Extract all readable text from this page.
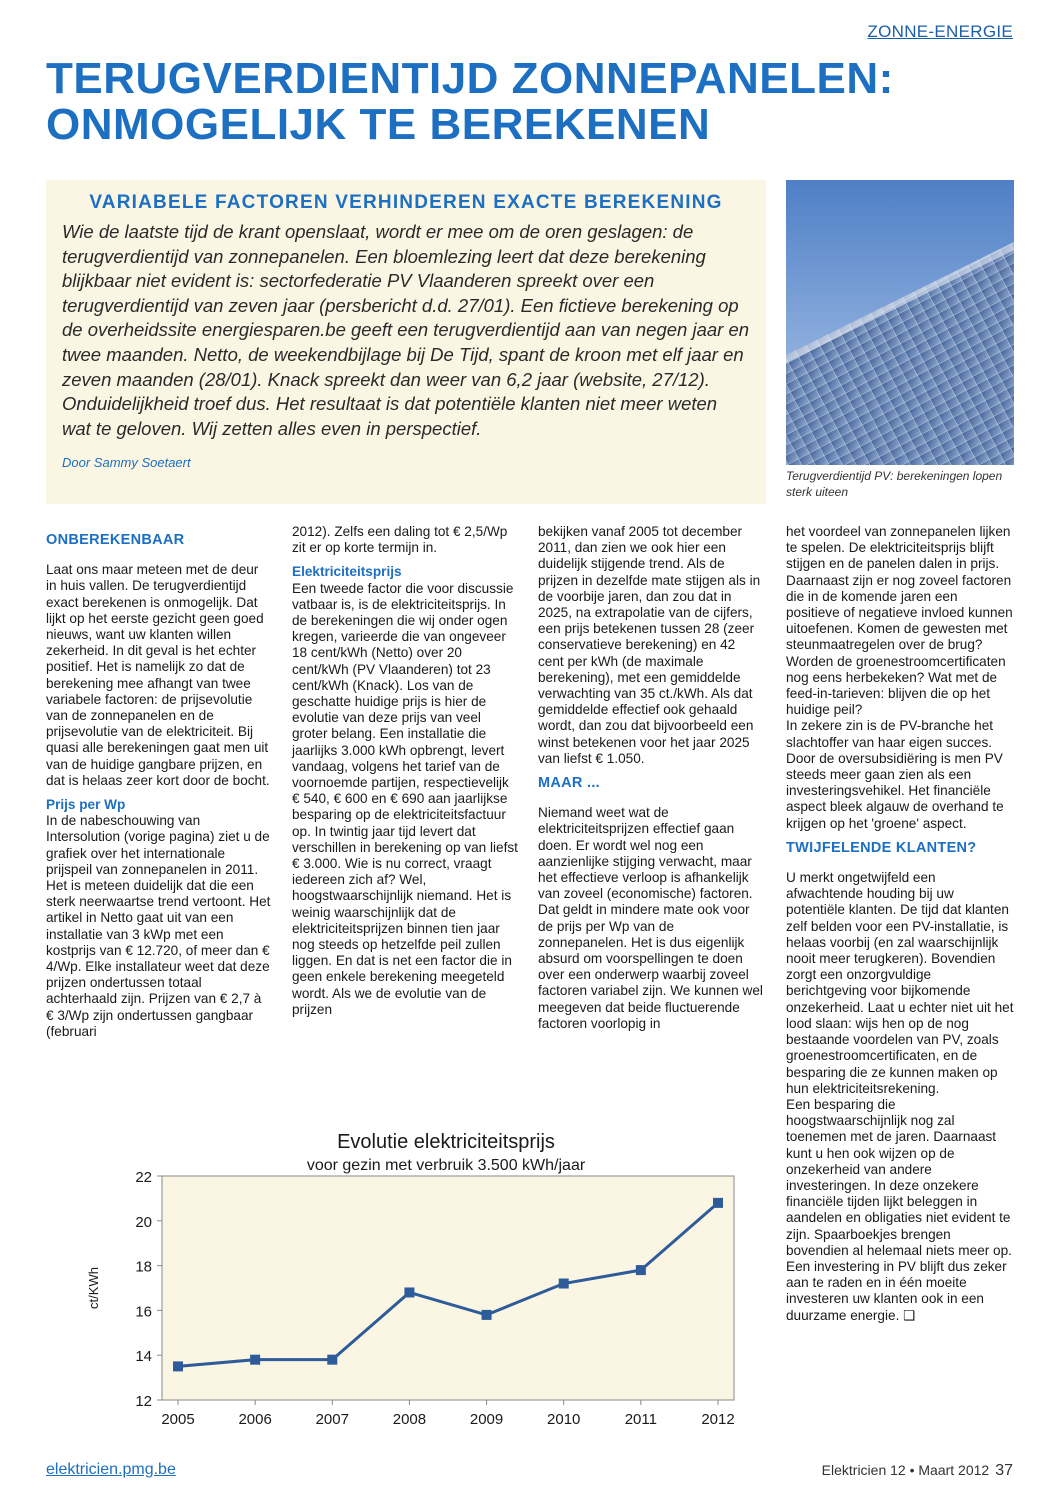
ZONNE-ENERGIE
TERUGVERDIENTIJD ZONNEPANELEN:
ONMOGELIJK TE BEREKENEN
VARIABELE FACTOREN VERHINDEREN EXACTE BEREKENING
Wie de laatste tijd de krant openslaat, wordt er mee om de oren geslagen: de terugverdientijd van zonnepanelen. Een bloemlezing leert dat deze berekening blijkbaar niet evident is: sectorfederatie PV Vlaanderen spreekt over een terugverdientijd van zeven jaar (persbericht d.d. 27/01). Een fictieve berekening op de overheidssite energiesparen.be geeft een terugverdientijd aan van negen jaar en twee maanden. Netto, de weekendbijlage bij De Tijd, spant de kroon met elf jaar en zeven maanden (28/01). Knack spreekt dan weer van 6,2 jaar (website, 27/12). Onduidelijkheid troef dus. Het resultaat is dat potentiële klanten niet meer weten wat te geloven. Wij zetten alles even in perspectief.
Door Sammy Soetaert
Terugverdientijd PV: berekeningen lopen sterk uiteen
ONBEREKENBAAR

Laat ons maar meteen met de deur in huis vallen. De terugverdientijd exact berekenen is onmogelijk. Dat lijkt op het eerste gezicht geen goed nieuws, want uw klanten willen zekerheid. In dit geval is het echter positief. Het is namelijk zo dat de berekening mee afhangt van twee variabele factoren: de prijsevolutie van de zonnepanelen en de prijsevolutie van de elektriciteit. Bij quasi alle berekeningen gaat men uit van de huidige gangbare prijzen, en dat is helaas zeer kort door de bocht.

Prijs per Wp

In de nabeschouwing van Intersolution (vorige pagina) ziet u de grafiek over het internationale prijspeil van zonnepanelen in 2011. Het is meteen duidelijk dat die een sterk neerwaartse trend vertoont. Het artikel in Netto gaat uit van een installatie van 3 kWp met een kostprijs van € 12.720, of meer dan € 4/Wp. Elke installateur weet dat deze prijzen ondertussen totaal achterhaald zijn. Prijzen van € 2,7 à € 3/Wp zijn ondertussen gangbaar (februari

2012). Zelfs een daling tot € 2,5/Wp zit er op korte termijn in.

Elektriciteitsprijs

Een tweede factor die voor discussie vatbaar is, is de elektriciteitsprijs. In de berekeningen die wij onder ogen kregen, varieerde die van ongeveer 18 cent/kWh (Netto) over 20 cent/kWh (PV Vlaanderen) tot 23 cent/kWh (Knack). Los van de geschatte huidige prijs is hier de evolutie van deze prijs van veel groter belang. Een installatie die jaarlijks 3.000 kWh opbrengt, levert vandaag, volgens het tarief van de voornoemde partijen, respectievelijk € 540, € 600 en € 690 aan jaarlijkse besparing op de elektriciteitsfactuur op. In twintig jaar tijd levert dat verschillen in berekening op van liefst € 3.000. Wie is nu correct, vraagt iedereen zich af? Wel, hoogstwaarschijnlijk niemand. Het is weinig waarschijnlijk dat de elektriciteitsprijzen binnen tien jaar nog steeds op hetzelfde peil zullen liggen. En dat is net een factor die in geen enkele berekening meegeteld wordt. Als we de evolutie van de prijzen

bekijken vanaf 2005 tot december 2011, dan zien we ook hier een duidelijk stijgende trend. Als de prijzen in dezelfde mate stijgen als in de voorbije jaren, dan zou dat in 2025, na extrapolatie van de cijfers, een prijs betekenen tussen 28 (zeer conservatieve berekening) en 42 cent per kWh (de maximale berekening), met een gemiddelde verwachting van 35 ct./kWh. Als dat gemiddelde effectief ook gehaald wordt, dan zou dat bijvoorbeeld een winst betekenen voor het jaar 2025 van liefst € 1.050.

MAAR ...

Niemand weet wat de elektriciteitsprijzen effectief gaan doen. Er wordt wel nog een aanzienlijke stijging verwacht, maar het effectieve verloop is afhankelijk van zoveel (economische) factoren. Dat geldt in mindere mate ook voor de prijs per Wp van de zonnepanelen. Het is dus eigenlijk absurd om voorspellingen te doen over een onderwerp waarbij zoveel factoren variabel zijn. We kunnen wel meegeven dat beide fluctuerende factoren voorlopig in

het voordeel van zonnepanelen lijken te spelen. De elektriciteitsprijs blijft stijgen en de panelen dalen in prijs. Daarnaast zijn er nog zoveel factoren die in de komende jaren een positieve of negatieve invloed kunnen uitoefenen. Komen de gewesten met steunmaatregelen over de brug? Worden de groenestroomcertificaten nog eens herbekeken? Wat met de feed-in-tarieven: blijven die op het huidige peil?

In zekere zin is de PV-branche het slachtoffer van haar eigen succes. Door de oversubsidiëring is men PV steeds meer gaan zien als een investeringsvehikel. Het financiële aspect bleek algauw de overhand te krijgen op het 'groene' aspect.

TWIJFELENDE KLANTEN?

U merkt ongetwijfeld een afwachtende houding bij uw potentiële klanten. De tijd dat klanten zelf belden voor een PV-installatie, is helaas voorbij (en zal waarschijnlijk nooit meer terugkeren). Bovendien zorgt een onzorgvuldige berichtgeving voor bijkomende onzekerheid. Laat u echter niet uit het lood slaan: wijs hen op de nog bestaande voordelen van PV, zoals groenestroomcertificaten, en de besparing die ze kunnen maken op hun elektriciteitsrekening.

Een besparing die hoogstwaarschijnlijk nog zal toenemen met de jaren. Daarnaast kunt u hen ook wijzen op de onzekerheid van andere investeringen. In deze onzekere financiële tijden lijkt beleggen in aandelen en obligaties niet evident te zijn. Spaarboekjes brengen bovendien al helemaal niets meer op. Een investering in PV blijft dus zeker aan te raden en in één moeite investeren uw klanten ook in een duurzame energie. ❑

Evolutie elektriciteitsprijs
voor gezin met verbruik 3.500 kWh/jaar
ct/KWh
12
14
16
18
20
22
2005	2006	2007	2008	2009	2010	2011	2012
elektricien.pmg.be	Elektricien 12 • Maart 2012 37
